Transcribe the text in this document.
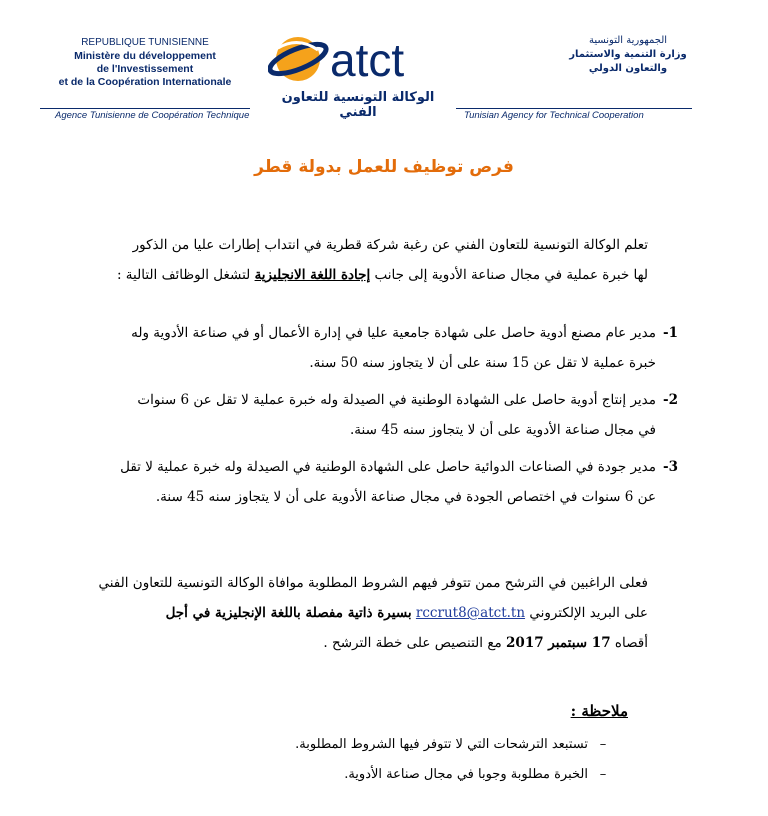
REPUBLIQUE TUNISIENNE
Ministère du développement
de l'Investissement
et de la Coopération Internationale
الجمهورية التونسية
وزارة التنمية والاستثمار
والتعاون الدولي
atct
الوكالة التونسية للتعاون الفني
Agence Tunisienne de Coopération Technique	Tunisian Agency for Technical Cooperation
فرص توظيف للعمل بدولة قطر
تعلم الوكالة التونسية للتعاون الفني عن رغبة شركة قطرية في انتداب إطارات عليا من الذكور
لها خبرة عملية في مجال صناعة الأدوية إلى جانب إجادة اللغة الانجليزية لتشغل الوظائف التالية :
1-
مدير عام مصنع أدوية حاصل على شهادة جامعية عليا في إدارة الأعمال أو في صناعة الأدوية وله خبرة عملية لا تقل عن 15 سنة على أن لا يتجاوز سنه 50 سنة.
2-
مدير إنتاج أدوية حاصل على الشهادة الوطنية في الصيدلة وله خبرة عملية لا تقل عن 6 سنوات في مجال صناعة الأدوية على أن لا يتجاوز سنه 45 سنة.
3-
مدير جودة في الصناعات الدوائية حاصل على الشهادة الوطنية في الصيدلة وله خبرة عملية لا تقل عن 6 سنوات في اختصاص الجودة في مجال صناعة الأدوية على أن لا يتجاوز سنه 45 سنة.
فعلى الراغبين في الترشح ممن تتوفر فيهم الشروط المطلوبة موافاة الوكالة التونسية للتعاون الفني
على البريد الإلكتروني rccrut8@atct.tn بسيرة ذاتية مفصلة باللغة الإنجليزية في أجل
أقصاه 17 سبتمبر 2017 مع التنصيص على خطة الترشح .
ملاحظة :
–تستبعد الترشحات التي لا تتوفر فيها الشروط المطلوبة.
–الخبرة مطلوبة وجوبا في مجال صناعة الأدوية.
